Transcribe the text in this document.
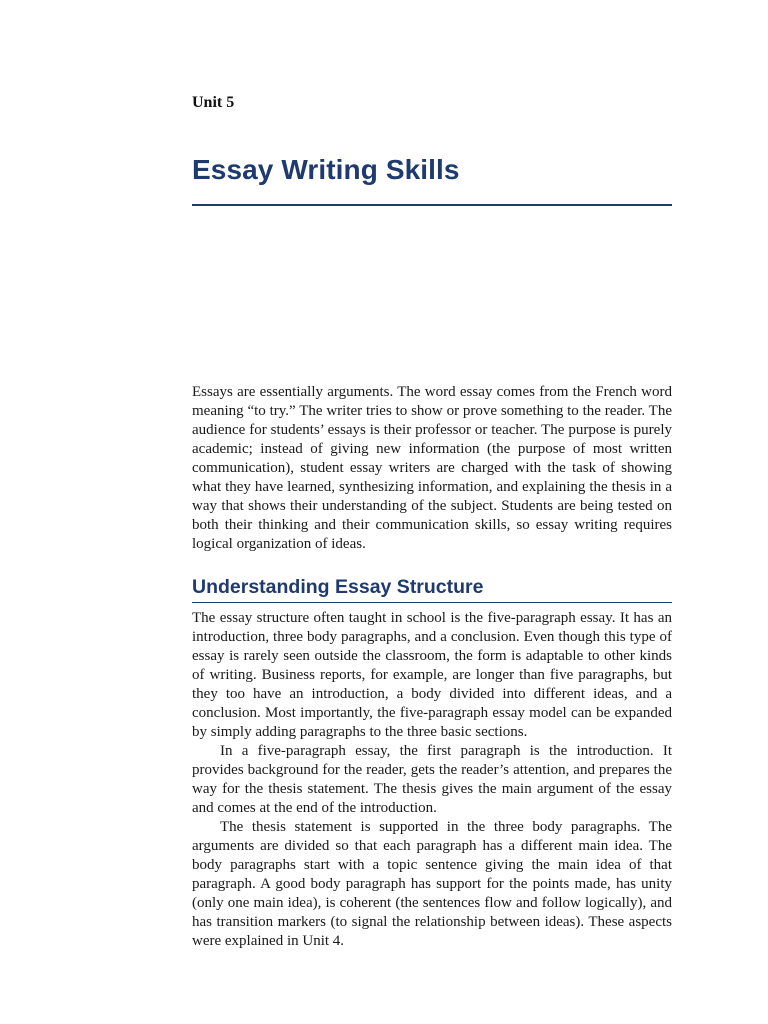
Unit 5
Essay Writing Skills

Essays are essentially arguments. The word essay comes from the French word meaning “to try.” The writer tries to show or prove something to the reader. The audience for students’ essays is their professor or teacher. The purpose is purely academic; instead of giving new information (the purpose of most written communication), student essay writers are charged with the task of showing what they have learned, synthesizing information, and explaining the thesis in a way that shows their understanding of the subject. Students are being tested on both their thinking and their communication skills, so essay writing requires logical organization of ideas.

Understanding Essay Structure

The essay structure often taught in school is the five-paragraph essay. It has an introduction, three body paragraphs, and a conclusion. Even though this type of essay is rarely seen outside the classroom, the form is adaptable to other kinds of writing. Business reports, for example, are longer than five paragraphs, but they too have an introduction, a body divided into different ideas, and a conclusion. Most importantly, the five-paragraph essay model can be expanded by simply adding paragraphs to the three basic sections.

In a five-paragraph essay, the first paragraph is the introduction. It provides background for the reader, gets the reader’s attention, and prepares the way for the thesis statement. The thesis gives the main argument of the essay and comes at the end of the introduction.

The thesis statement is supported in the three body paragraphs. The arguments are divided so that each paragraph has a different main idea. The body paragraphs start with a topic sentence giving the main idea of that paragraph. A good body paragraph has support for the points made, has unity (only one main idea), is coherent (the sentences flow and follow logically), and has transition markers (to signal the relationship between ideas). These aspects were explained in Unit 4.
